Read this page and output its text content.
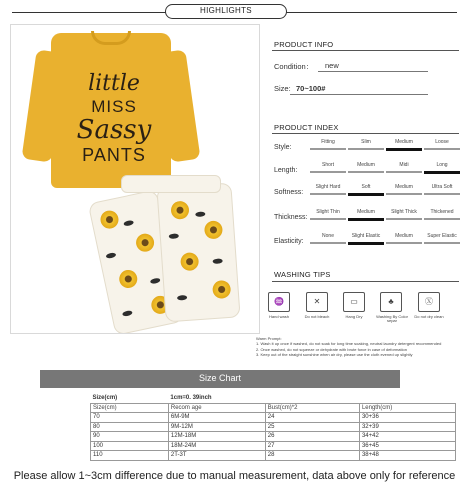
HIGHLIGHTS
little
MISS
Sassy
PANTS
PRODUCT INFO
Condition： new
Size: 70~100#
PRODUCT INDEX
Style:
Fitting	Slim	Medium	Loose
Length:
Short	Medium	Midi	Long
Softness:
Slight Hard	Soft	Medium	Ultra Soft
Thickness:
Slight Thin	Medium	Slight Thick	Thickened
Elasticity:
None	Slight Elastic	Medium	Super Elastic
WASHING TIPS
♒	✕	▭	♣	Ⓧ
Hand wash	Do not bleach	Hang Dry	Washing By Color separ
Do not dry clean
Warm Prompt:
1. Wash it up once if washed, do not soak for long time soaking, neutral laundry detergent recommended
2. Once washed, do not squeeze or dehydrate with brute force in case of deformation
3. Keep out of the straight sunshine when air dry, please use the cloth evened up slightly
Size Chart
Size(cm)	1cm=0. 39inch		
Size(cm)	Recom age	Bust(cm)*2	Length(cm)
70	6M-9M	24	30+36
80	9M-12M	25	32+39
90	12M-18M	26	34+42
100	18M-24M	27	36+45
110	2T-3T	28	38+48
Please allow 1~3cm difference due to manual measurement, data above only for reference
